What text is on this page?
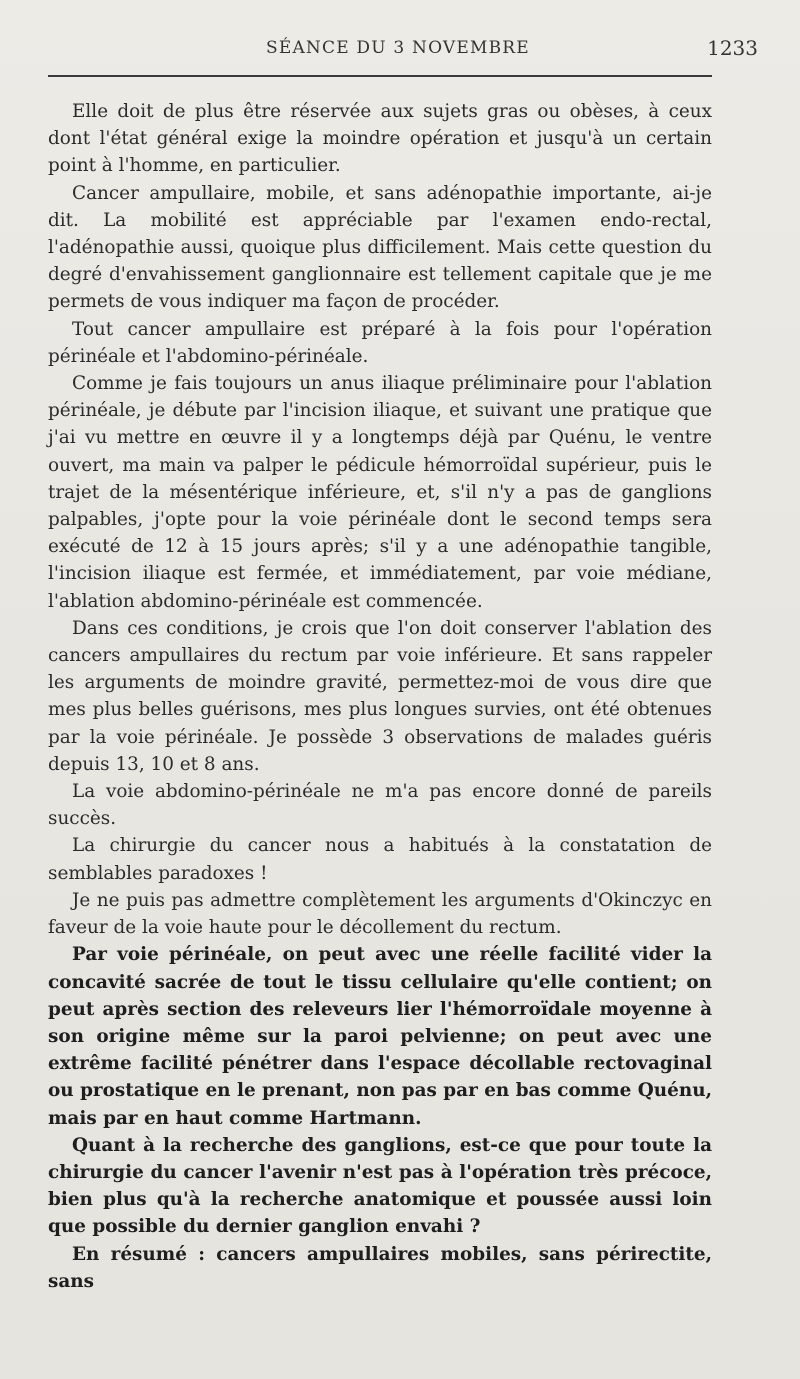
SÉANCE DU 3 NOVEMBRE	1233

Elle doit de plus être réservée aux sujets gras ou obèses, à ceux dont l'état général exige la moindre opération et jusqu'à un certain point à l'homme, en particulier.

Cancer ampullaire, mobile, et sans adénopathie importante, ai-je dit. La mobilité est appréciable par l'examen endo-rectal, l'adénopathie aussi, quoique plus difficilement. Mais cette question du degré d'envahissement ganglionnaire est tellement capitale que je me permets de vous indiquer ma façon de procéder.

Tout cancer ampullaire est préparé à la fois pour l'opération périnéale et l'abdomino-périnéale.

Comme je fais toujours un anus iliaque préliminaire pour l'ablation périnéale, je débute par l'incision iliaque, et suivant une pratique que j'ai vu mettre en œuvre il y a longtemps déjà par Quénu, le ventre ouvert, ma main va palper le pédicule hémorroïdal supérieur, puis le trajet de la mésentérique inférieure, et, s'il n'y a pas de ganglions palpables, j'opte pour la voie périnéale dont le second temps sera exécuté de 12 à 15 jours après; s'il y a une adénopathie tangible, l'incision iliaque est fermée, et immédiatement, par voie médiane, l'ablation abdomino-périnéale est commencée.

Dans ces conditions, je crois que l'on doit conserver l'ablation des cancers ampullaires du rectum par voie inférieure. Et sans rappeler les arguments de moindre gravité, permettez-moi de vous dire que mes plus belles guérisons, mes plus longues survies, ont été obtenues par la voie périnéale. Je possède 3 observations de malades guéris depuis 13, 10 et 8 ans.

La voie abdomino-périnéale ne m'a pas encore donné de pareils succès.

La chirurgie du cancer nous a habitués à la constatation de semblables paradoxes !

Je ne puis pas admettre complètement les arguments d'Okinczyc en faveur de la voie haute pour le décollement du rectum.

Par voie périnéale, on peut avec une réelle facilité vider la concavité sacrée de tout le tissu cellulaire qu'elle contient; on peut après section des releveurs lier l'hémorroïdale moyenne à son origine même sur la paroi pelvienne; on peut avec une extrême facilité pénétrer dans l'espace décollable rectovaginal ou prostatique en le prenant, non pas par en bas comme Quénu, mais par en haut comme Hartmann.

Quant à la recherche des ganglions, est-ce que pour toute la chirurgie du cancer l'avenir n'est pas à l'opération très précoce, bien plus qu'à la recherche anatomique et poussée aussi loin que possible du dernier ganglion envahi ?

En résumé : cancers ampullaires mobiles, sans périrectite, sans
